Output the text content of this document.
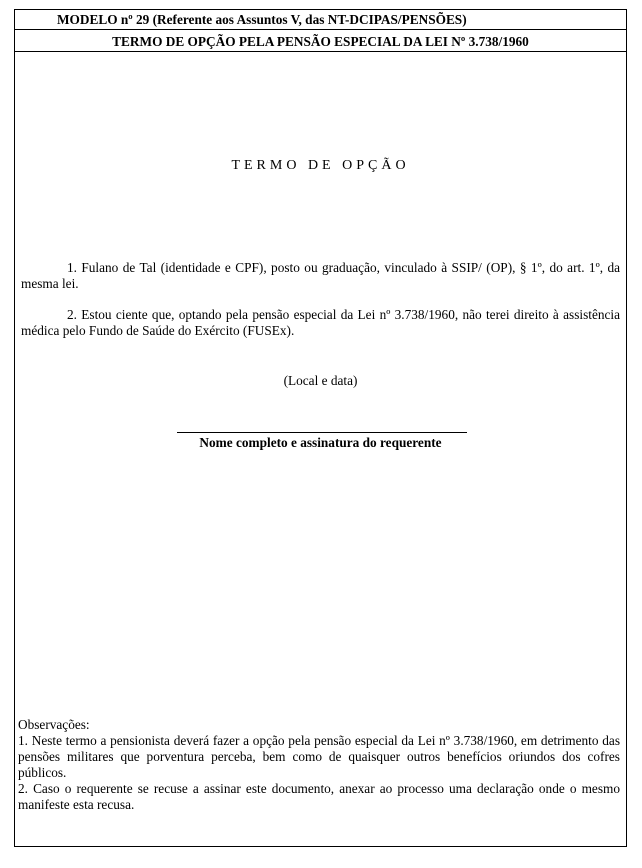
MODELO nº 29 (Referente aos Assuntos V, das NT-DCIPAS/PENSÕES)
TERMO DE OPÇÃO PELA PENSÃO ESPECIAL DA LEI Nº 3.738/1960
TERMO DE OPÇÃO
1. Fulano de Tal (identidade e CPF), posto ou graduação, vinculado à SSIP/ (OP), § 1º, do art. 1º, da mesma lei.
2. Estou ciente que, optando pela pensão especial da Lei nº 3.738/1960, não terei direito à assistência médica pelo Fundo de Saúde do Exército (FUSEx).
(Local e data)
Nome completo e assinatura do requerente
Observações:
1. Neste termo a pensionista deverá fazer a opção pela pensão especial da Lei nº 3.738/1960, em detrimento das pensões militares que porventura perceba, bem como de quaisquer outros benefícios oriundos dos cofres públicos.
2. Caso o requerente se recuse a assinar este documento, anexar ao processo uma declaração onde o mesmo manifeste esta recusa.
